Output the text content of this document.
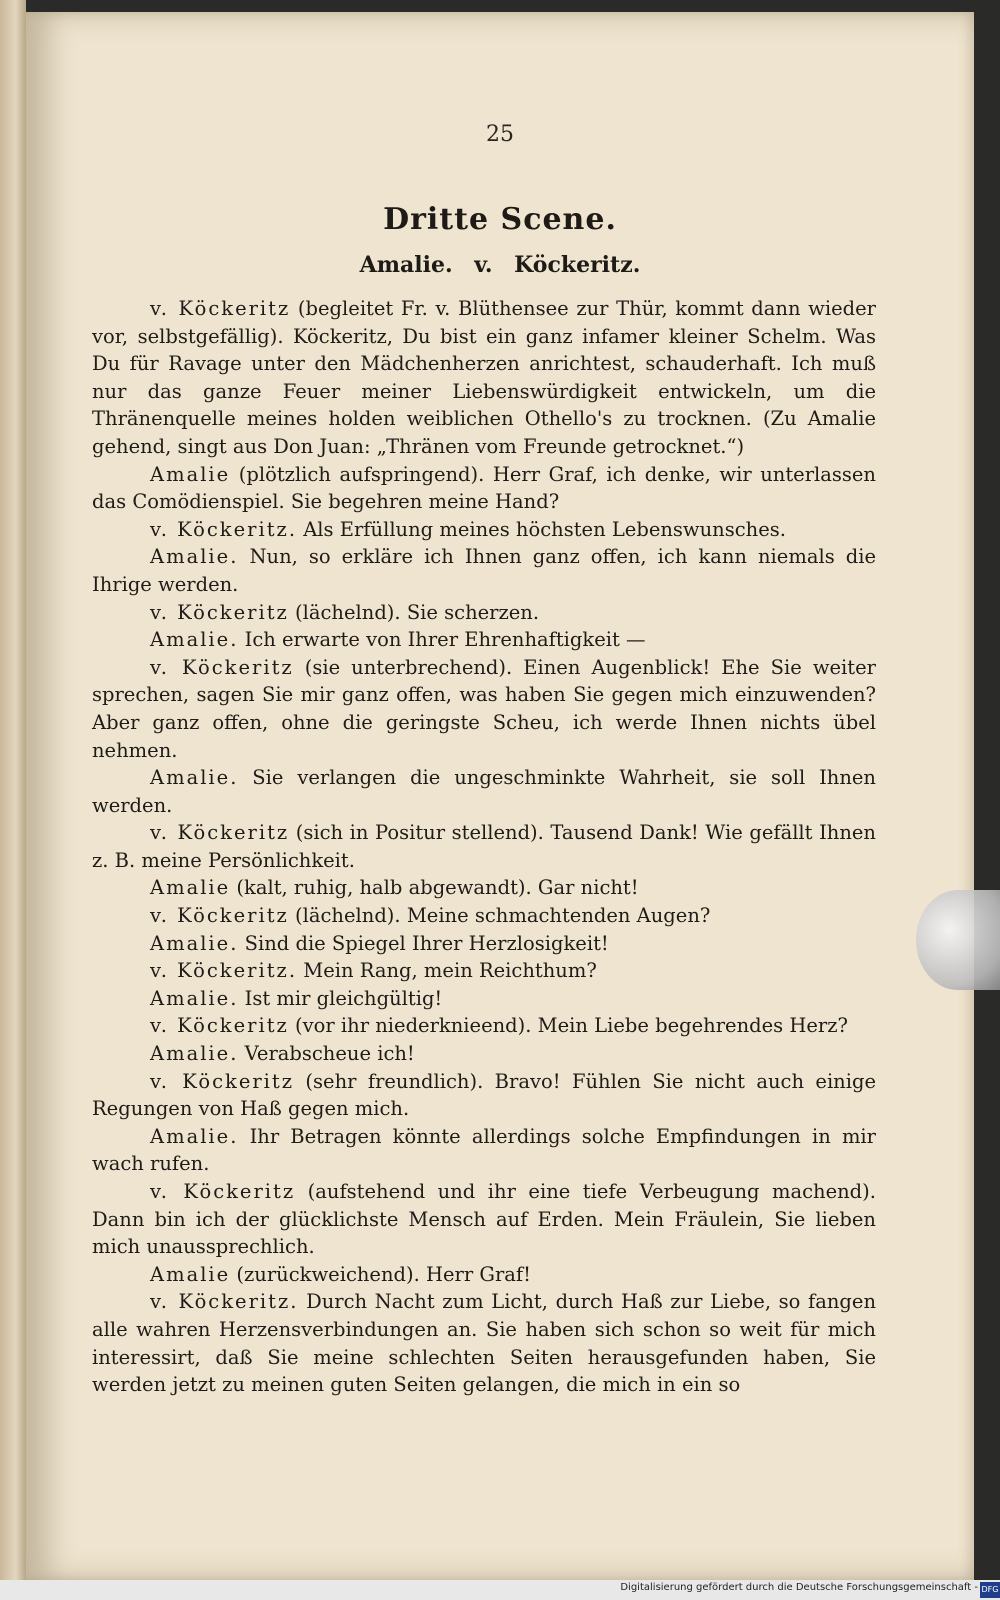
25
Dritte Scene.
Amalie. v. Köckeritz.

v. Köckeritz (begleitet Fr. v. Blüthensee zur Thür, kommt dann wieder vor, selbstgefällig). Köckeritz, Du bist ein ganz infamer kleiner Schelm. Was Du für Ravage unter den Mädchenherzen anrichtest, schauderhaft. Ich muß nur das ganze Feuer meiner Liebenswürdigkeit entwickeln, um die Thränenquelle meines holden weiblichen Othello's zu trocknen. (Zu Amalie gehend, singt aus Don Juan: „Thränen vom Freunde getrocknet.“)

Amalie (plötzlich aufspringend). Herr Graf, ich denke, wir unterlassen das Comödienspiel. Sie begehren meine Hand?

v. Köckeritz. Als Erfüllung meines höchsten Lebenswunsches.

Amalie. Nun, so erkläre ich Ihnen ganz offen, ich kann niemals die Ihrige werden.

v. Köckeritz (lächelnd). Sie scherzen.

Amalie. Ich erwarte von Ihrer Ehrenhaftigkeit —

v. Köckeritz (sie unterbrechend). Einen Augenblick! Ehe Sie weiter sprechen, sagen Sie mir ganz offen, was haben Sie gegen mich einzuwenden? Aber ganz offen, ohne die geringste Scheu, ich werde Ihnen nichts übel nehmen.

Amalie. Sie verlangen die ungeschminkte Wahrheit, sie soll Ihnen werden.

v. Köckeritz (sich in Positur stellend). Tausend Dank! Wie gefällt Ihnen z. B. meine Persönlichkeit.

Amalie (kalt, ruhig, halb abgewandt). Gar nicht!

v. Köckeritz (lächelnd). Meine schmachtenden Augen?

Amalie. Sind die Spiegel Ihrer Herzlosigkeit!

v. Köckeritz. Mein Rang, mein Reichthum?

Amalie. Ist mir gleichgültig!

v. Köckeritz (vor ihr niederknieend). Mein Liebe begehrendes Herz?

Amalie. Verabscheue ich!

v. Köckeritz (sehr freundlich). Bravo! Fühlen Sie nicht auch einige Regungen von Haß gegen mich.

Amalie. Ihr Betragen könnte allerdings solche Empfindungen in mir wach rufen.

v. Köckeritz (aufstehend und ihr eine tiefe Verbeugung machend). Dann bin ich der glücklichste Mensch auf Erden. Mein Fräulein, Sie lieben mich unaussprechlich.

Amalie (zurückweichend). Herr Graf!

v. Köckeritz. Durch Nacht zum Licht, durch Haß zur Liebe, so fangen alle wahren Herzensverbindungen an. Sie haben sich schon so weit für mich interessirt, daß Sie meine schlechten Seiten herausgefunden haben, Sie werden jetzt zu meinen guten Seiten gelangen, die mich in ein so

Digitalisierung gefördert durch die Deutsche Forschungsgemeinschaft - DFG
